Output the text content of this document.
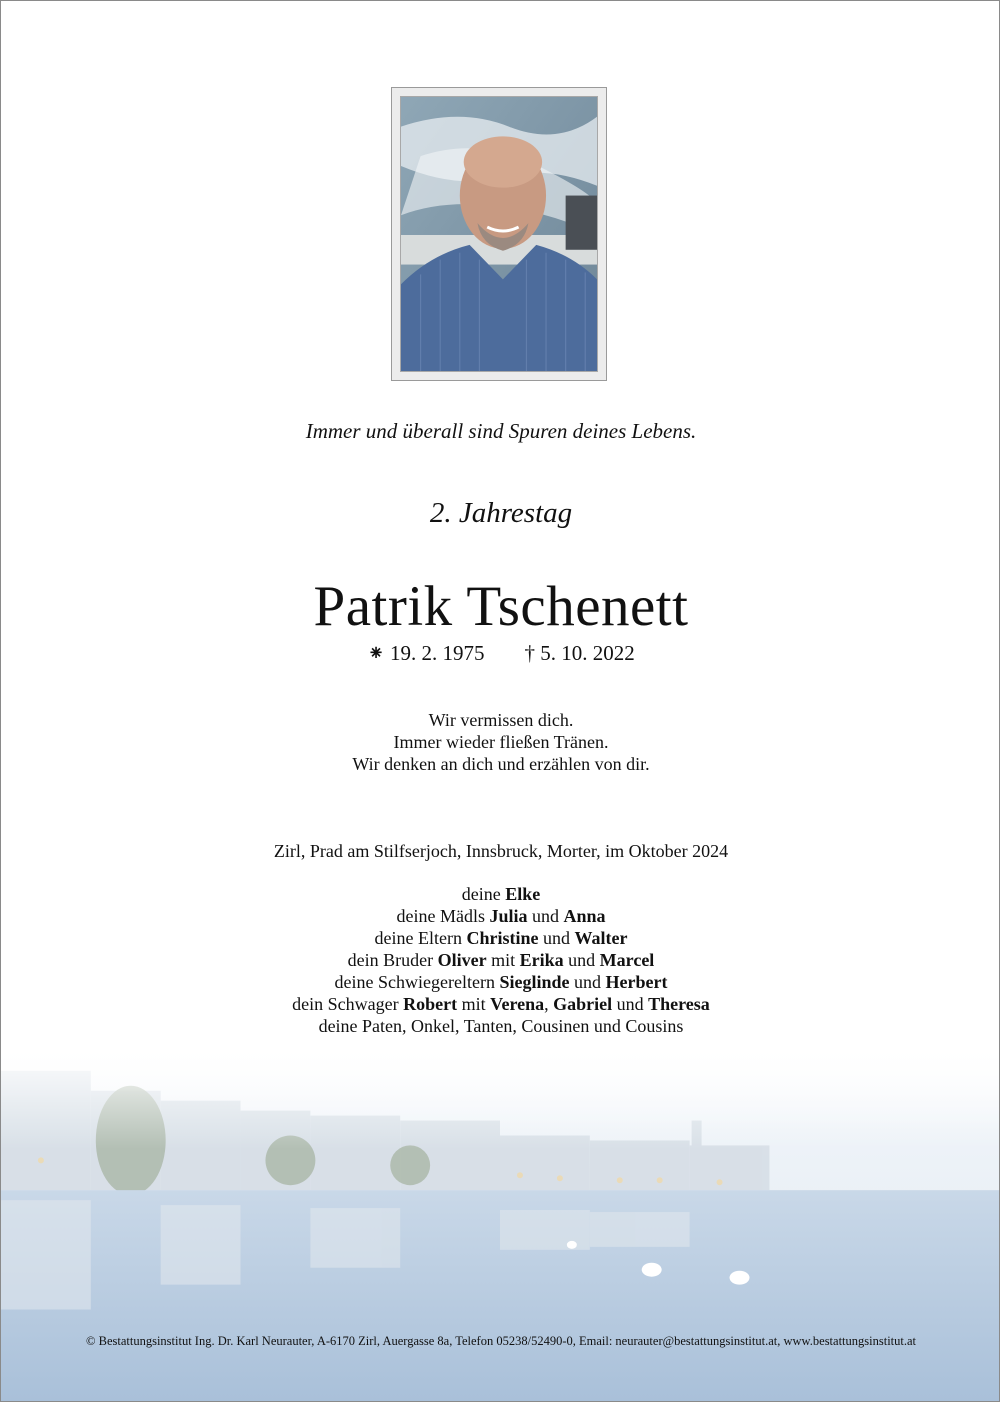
Immer und überall sind Spuren deines Lebens.
2. Jahrestag
Patrik Tschenett
⁕ 19. 2. 1975 † 5. 10. 2022
Wir vermissen dich.
Immer wieder fließen Tränen.
Wir denken an dich und erzählen von dir.
Zirl, Prad am Stilfserjoch, Innsbruck, Morter, im Oktober 2024
deine Elke
deine Mädls Julia und Anna
deine Eltern Christine und Walter
dein Bruder Oliver mit Erika und Marcel
deine Schwiegereltern Sieglinde und Herbert
dein Schwager Robert mit Verena, Gabriel und Theresa
deine Paten, Onkel, Tanten, Cousinen und Cousins
© Bestattungsinstitut Ing. Dr. Karl Neurauter, A-6170 Zirl, Auergasse 8a, Telefon 05238/52490-0, Email: neurauter@bestattungsinstitut.at, www.bestattungsinstitut.at
